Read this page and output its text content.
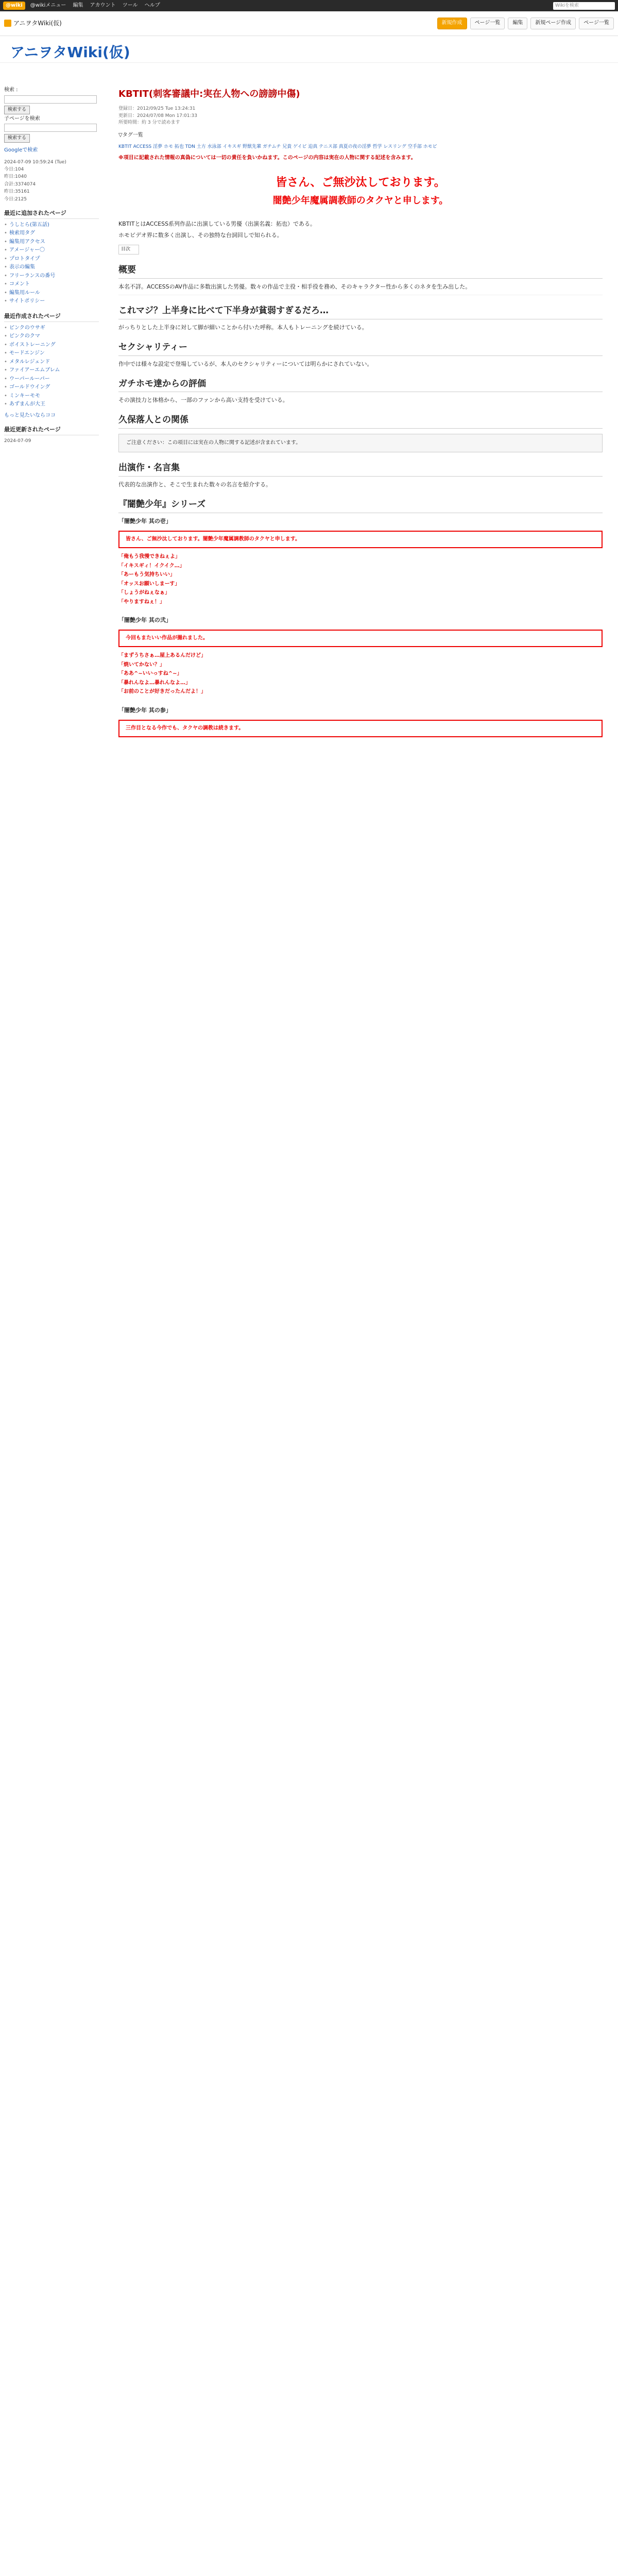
@wiki	@wikiメニュー 編集 アカウント ツール ヘルプ	Wikiを検索
アニヲタWiki(仮)	新規作成	ページ一覧	編集	新規ページ作成	ページ一覧
アニヲタWiki(仮)
検索 :
検索する
子ページを検索
検索する
Googleで検索
2024-07-09 10:59:24 (Tue)
今日:104
昨日:1040
合計:3374074
昨日:35161
今日:2125
最近に追加されたページ
• うしとら(第五話)
• 検索用タグ
• 編集用アクセス
• アメージャー〇
• プロトタイプ
• 表示の編集
• フリーランスの番号
• コメント
• 編集用ルール
• サイトポリシー
最近作成されたページ
• ピンクのウサギ
• ピンクのクマ
• ボイストレーニング
• モードエンジン
• メタルレジェンド
• ファイアーエムブレム
• ウーパールーパー
• ゴールドウイング
• ミンキーモモ
• あずまんが大王
もっと見たいならココ
最近更新されたページ
2024-07-09
KBTIT(刺客審議中:実在人物への謗謗中傷)
登録日：2012/09/25 Tue 13:24:31
更新日：2024/07/08 Mon 17:01:33
所要時間：約 3 分で読めます
▽タグ一覧
KBTIT ACCESS 淫夢 ホモ 拓也 TDN 土方 水泳部 イキスギ 野獣先輩 ガチムチ 兄貴 ゲイビ 迫真 テニス部 真夏の夜の淫夢 哲学 レスリング 空手部 ホモビ
※項目に記載された情報の真偽については一切の責任を負いかねます。このページの内容は実在の人物に関する記述を含みます。
皆さん、ご無沙汰しております。
闇艶少年魔属調教師のタクヤと申します。

KBTITとはACCESS系列作品に出演している男優（出演名義：拓也）である。

ホモビデオ界に数多く出演し、その独特な台詞回しで知られる。

目次
概要

本名不詳。ACCESSのAV作品に多数出演した男優。数々の作品で主役・相手役を務め、そのキャラクター性から多くのネタを生み出した。

これマジ？上半身に比べて下半身が貧弱すぎるだろ…

がっちりとした上半身に対して脚が細いことから付いた呼称。本人もトレーニングを続けている。

セクシャリティー

作中では様々な設定で登場しているが、本人のセクシャリティーについては明らかにされていない。

ガチホモ達からの評価

その演技力と体格から、一部のファンから高い支持を受けている。

久保落人との関係
ご注意ください：この項目には実在の人物に関する記述が含まれています。
出演作・名言集

代表的な出演作と、そこで生まれた数々の名言を紹介する。

『闇艶少年』シリーズ
「闇艶少年 其の壱」
皆さん、ご無沙汰しております。闇艶少年魔属調教師のタクヤと申します。
「俺もう我慢できねぇよ」
「イキスギィ！イクイク…」
「あーもう気持ちいい」
「オッスお願いしまーす」
「しょうがねぇなぁ」
「やりますねぇ！」
「闇艶少年 其の弐」
今回もまたいい作品が撮れました。
「まずうちさぁ…屋上あるんだけど」
「焼いてかない？」
「ああ^~いいっすね^~」
「暴れんなよ…暴れんなよ…」
「お前のことが好きだったんだよ！」
「闇艶少年 其の参」
三作目となる今作でも、タクヤの調教は続きます。
